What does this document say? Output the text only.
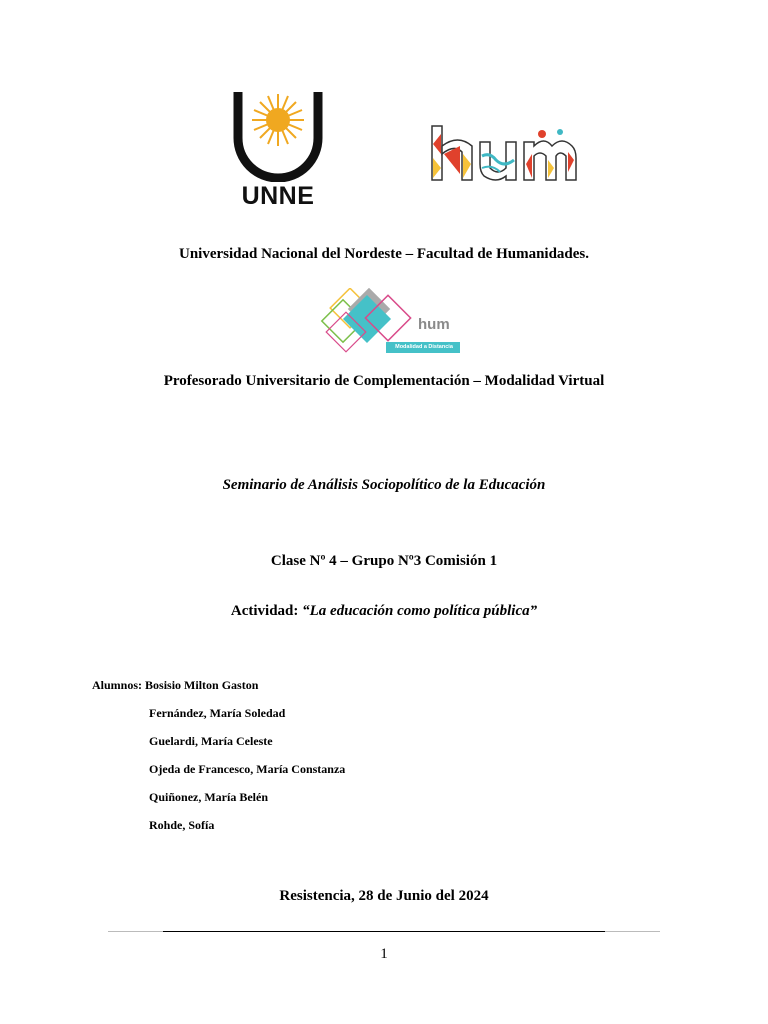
UNNE
Universidad Nacional del Nordeste – Facultad de Humanidades.
hum
Modalidad a Distancia
Profesorado Universitario de Complementación – Modalidad Virtual
Seminario de Análisis Sociopolítico de la Educación
Clase Nº 4 – Grupo Nº3 Comisión 1
Actividad: “La educación como política pública”
Alumnos: Bosisio Milton Gaston
Fernández, María Soledad
Guelardi, María Celeste
Ojeda de Francesco, María Constanza
Quiñonez, María Belén
Rohde, Sofía
Resistencia, 28 de Junio del 2024
1
